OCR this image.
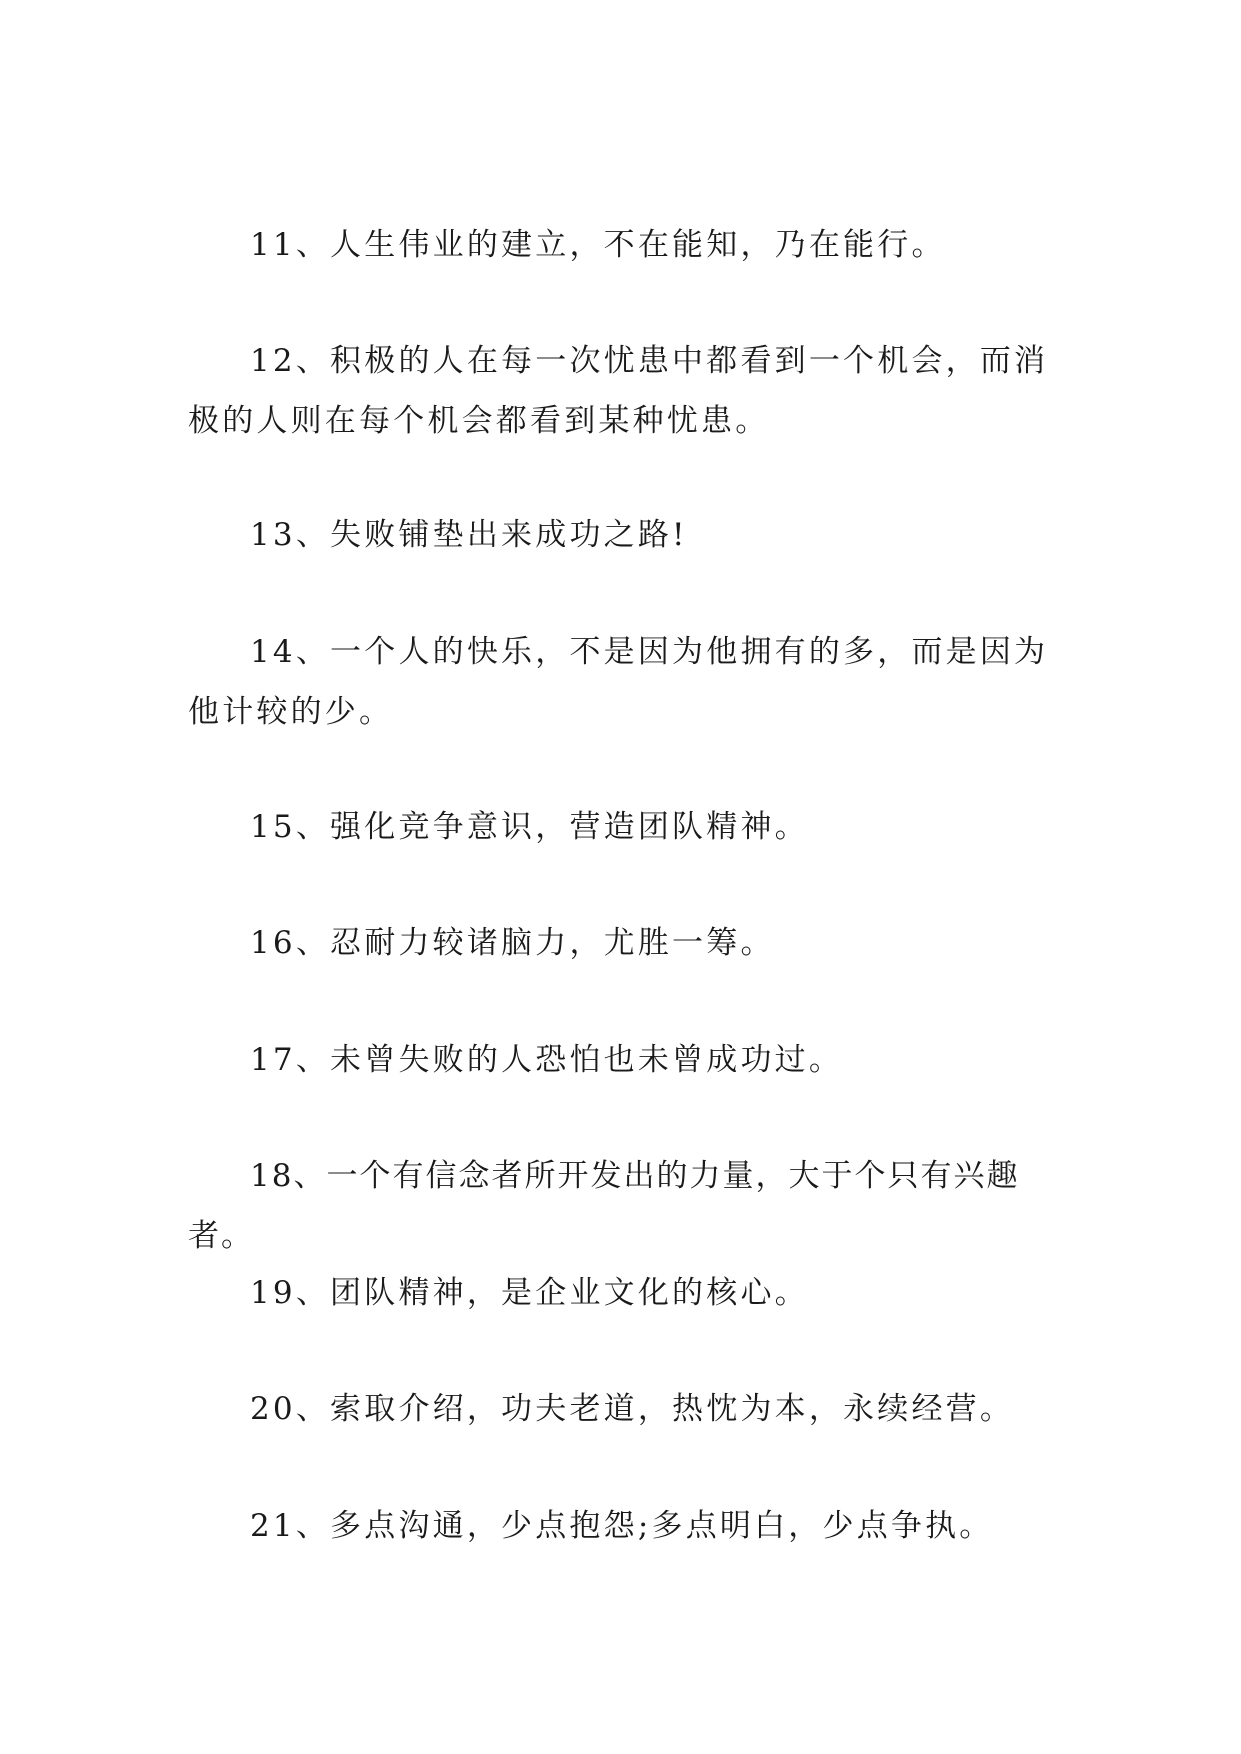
11、人生伟业的建立，不在能知，乃在能行。

12、积极的人在每一次忧患中都看到一个机会，而消极的人则在每个机会都看到某种忧患。

13、失败铺垫出来成功之路!

14、一个人的快乐，不是因为他拥有的多，而是因为他计较的少。

15、强化竞争意识，营造团队精神。

16、忍耐力较诸脑力，尤胜一筹。

17、未曾失败的人恐怕也未曾成功过。

18、一个有信念者所开发出的力量，大于个只有兴趣者。

19、团队精神，是企业文化的核心。

20、索取介绍，功夫老道，热忱为本，永续经营。

21、多点沟通，少点抱怨;多点明白，少点争执。
